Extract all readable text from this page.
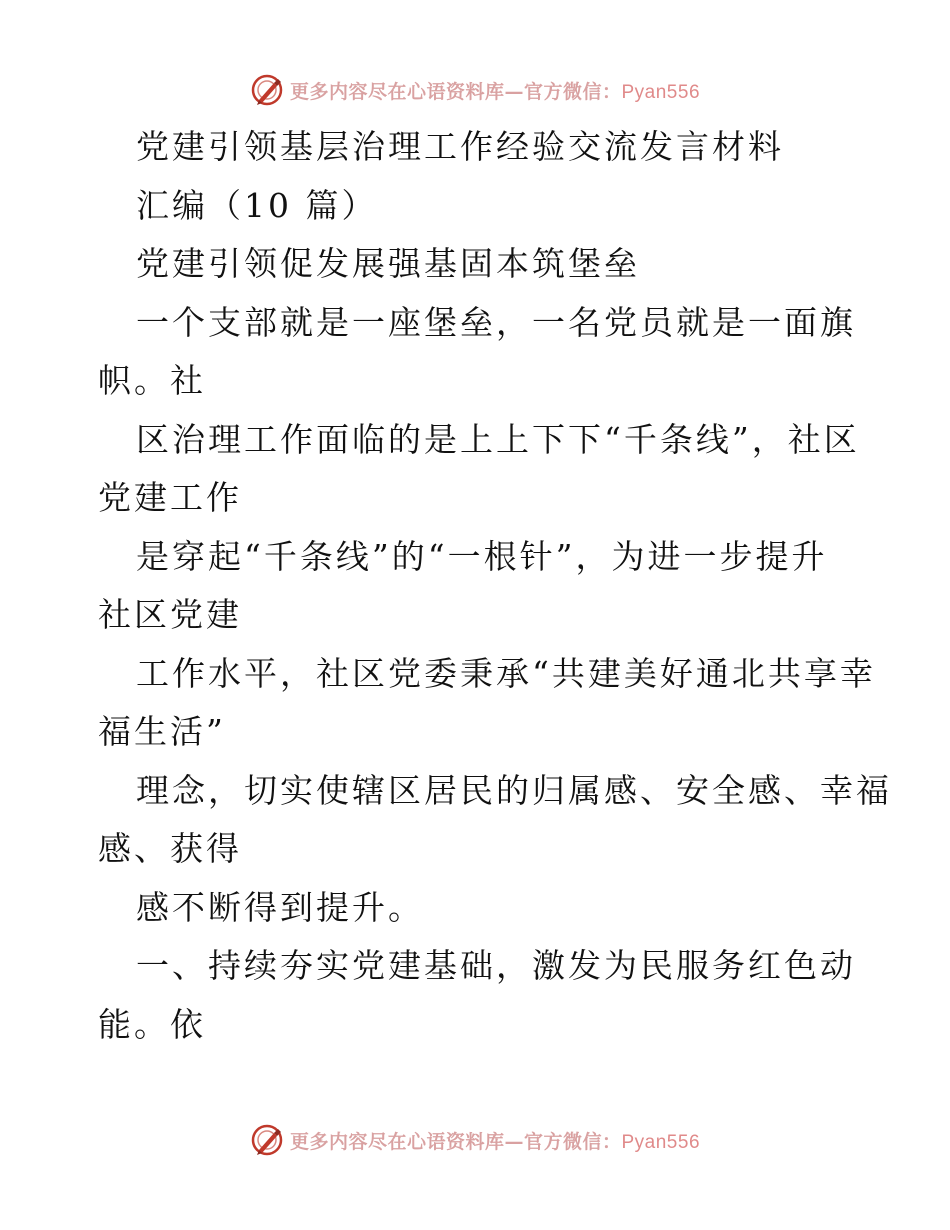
更多内容尽在心语资料库—官方微信：Pyan556
党建引领基层治理工作经验交流发言材料
汇编（10 篇）
党建引领促发展强基固本筑堡垒
一个支部就是一座堡垒，一名党员就是一面旗
帜。社
区治理工作面临的是上上下下“千条线”，社区
党建工作
是穿起“千条线”的“一根针”，为进一步提升
社区党建
工作水平，社区党委秉承“共建美好通北共享幸
福生活”
理念，切实使辖区居民的归属感、安全感、幸福
感、获得
感不断得到提升。
一、持续夯实党建基础，激发为民服务红色动
能。依
更多内容尽在心语资料库—官方微信：Pyan556
